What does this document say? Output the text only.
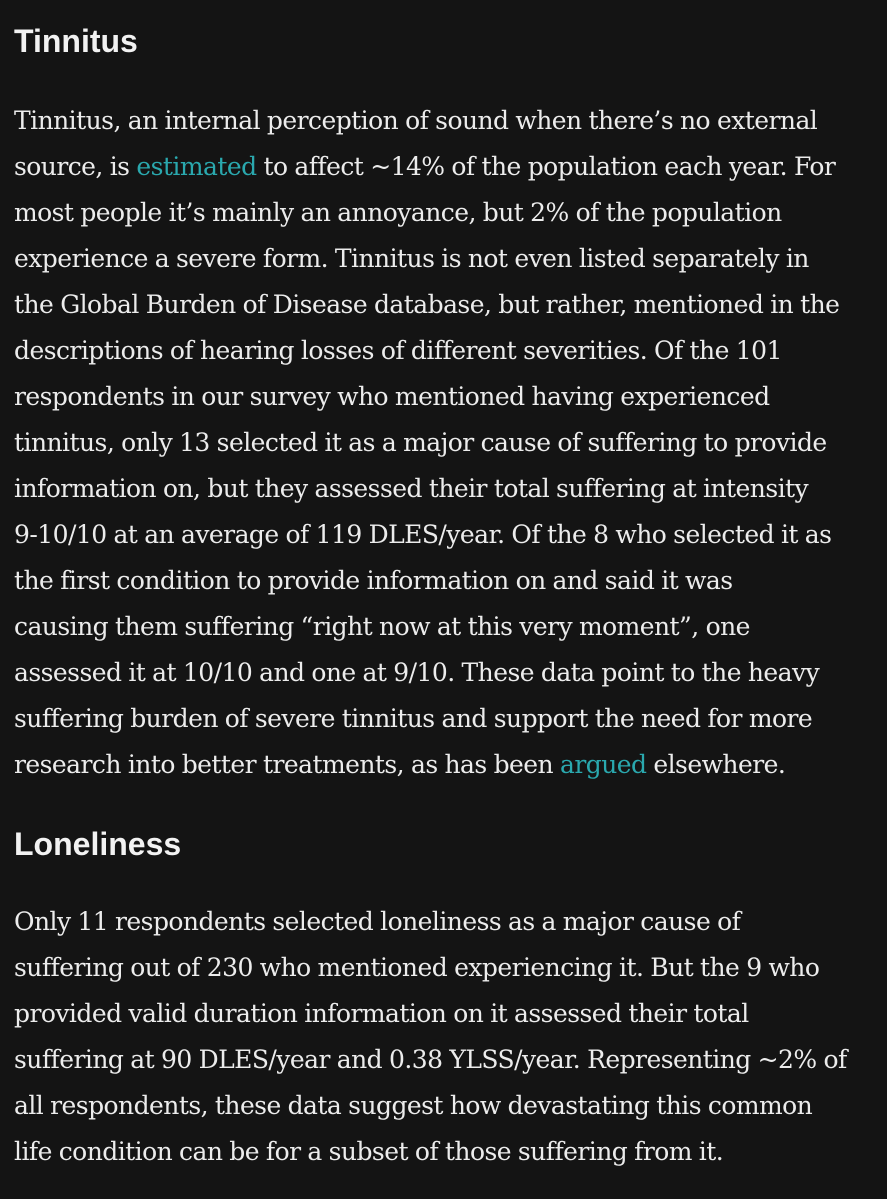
Tinnitus

Tinnitus, an internal perception of sound when there’s no external
source, is estimated to affect ~14% of the population each year. For
most people it’s mainly an annoyance, but 2% of the population
experience a severe form. Tinnitus is not even listed separately in
the Global Burden of Disease database, but rather, mentioned in the
descriptions of hearing losses of different severities. Of the 101
respondents in our survey who mentioned having experienced
tinnitus, only 13 selected it as a major cause of suffering to provide
information on, but they assessed their total suffering at intensity
9-10/10 at an average of 119 DLES/year. Of the 8 who selected it as
the first condition to provide information on and said it was
causing them suffering “right now at this very moment”, one
assessed it at 10/10 and one at 9/10. These data point to the heavy
suffering burden of severe tinnitus and support the need for more
research into better treatments, as has been argued elsewhere.

Loneliness

Only 11 respondents selected loneliness as a major cause of
suffering out of 230 who mentioned experiencing it. But the 9 who
provided valid duration information on it assessed their total
suffering at 90 DLES/year and 0.38 YLSS/year. Representing ~2% of
all respondents, these data suggest how devastating this common
life condition can be for a subset of those suffering from it.
